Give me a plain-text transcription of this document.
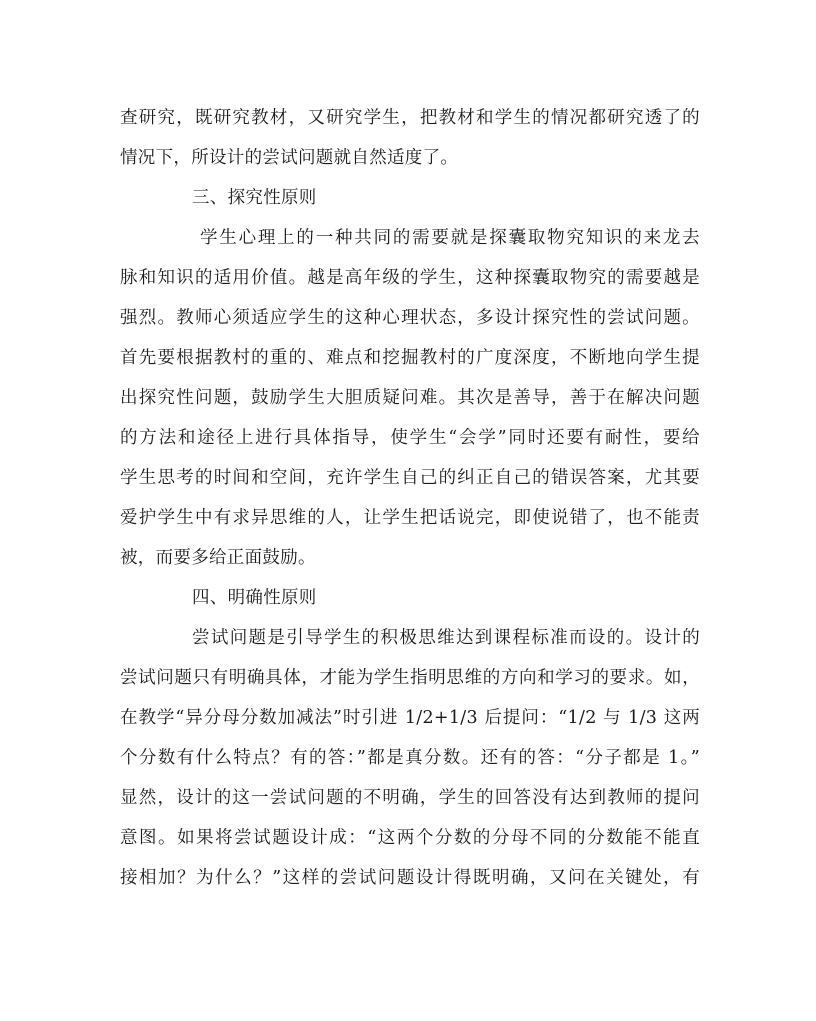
查研究，既研究教材，又研究学生，把教材和学生的情况都研究透了的
情况下，所设计的尝试问题就自然适度了。
三、探究性原则
学生心理上的一种共同的需要就是探囊取物究知识的来龙去
脉和知识的适用价值。越是高年级的学生，这种探囊取物究的需要越是
强烈。教师心须适应学生的这种心理状态，多设计探究性的尝试问题。
首先要根据教村的重的、难点和挖掘教村的广度深度，不断地向学生提
出探究性问题，鼓励学生大胆质疑问难。其次是善导，善于在解决问题
的方法和途径上进行具体指导，使学生“会学”同时还要有耐性，要给
学生思考的时间和空间，充许学生自己的纠正自己的错误答案，尤其要
爱护学生中有求异思维的人，让学生把话说完，即使说错了，也不能责
被，而要多给正面鼓励。
四、明确性原则
尝试问题是引导学生的积极思维达到课程标准而设的。设计的
尝试问题只有明确具体，才能为学生指明思维的方向和学习的要求。如，
在教学“异分母分数加减法”时引进 1/2+1/3 后提问：“1/2 与 1/3 这两
个分数有什么特点？有的答：”都是真分数。还有的答：“分子都是 1。”
显然，设计的这一尝试问题的不明确，学生的回答没有达到教师的提问
意图。如果将尝试题设计成：“这两个分数的分母不同的分数能不能直
接相加？为什么？”这样的尝试问题设计得既明确，又问在关键处，有
